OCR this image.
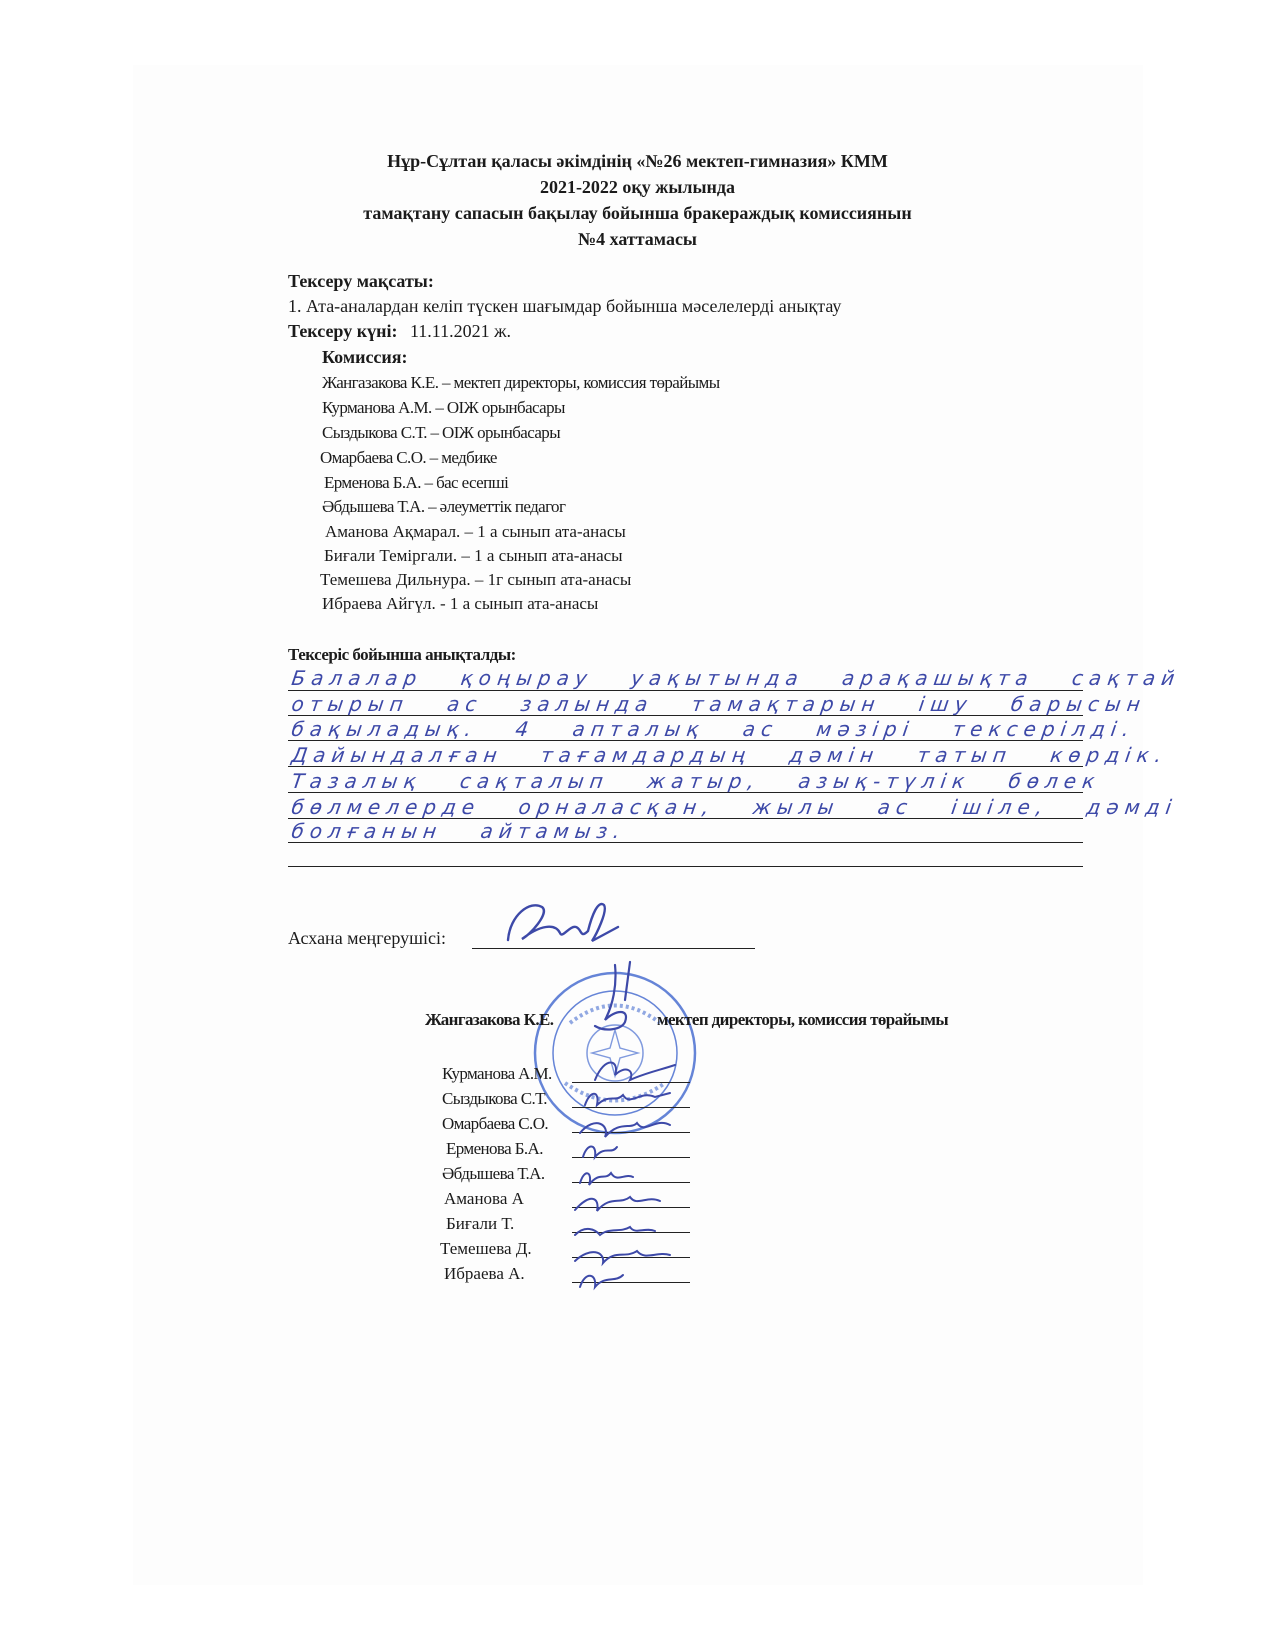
Нұр-Сұлтан қаласы әкімдінің «№26 мектеп-гимназия» КММ
2021-2022 оқу жылында
тамақтану сапасын бақылау бойынша бракераждық комиссиянын
№4 хаттамасы
Тексеру мақсаты:
1. Ата-аналардан келіп түскен шағымдар бойынша мәселелерді анықтау
Тексеру күні: 11.11.2021 ж.
Комиссия:
Жангазакова К.Е. – мектеп директоры, комиссия төрайымы
Курманова А.М. – ОІЖ орынбасары
Сыздыкова С.Т. – ОІЖ орынбасары
Омарбаева С.О. – медбике
Ерменова Б.А. – бас есепші
Әбдышева Т.А. – әлеуметтік педагог
Аманова Ақмарал. – 1 а сынып ата-анасы
Биғали Теміргали. – 1 а сынып ата-анасы
Темешева Дильнура. – 1г сынып ата-анасы
Ибраева Айгүл. - 1 а сынып ата-анасы
Тексеріс бойынша анықталды:
Балалар қоңырау уақытында арақашықта сақтай
отырып ас залында тамақтарын ішу барысын
бақыладық. 4 апталық ас мәзірі тексерілді.
Дайындалған тағамдардың дәмін татып көрдік.
Тазалық сақталып жатыр, азық-түлік бөлек
бөлмелерде орналасқан, жылы ас ішіле, дәмді
болғанын айтамыз.
Асхана меңгерушісі:
Жангазакова К.Е.	мектеп директоры, комиссия төрайымы
Курманова А.М.
Сыздыкова С.Т.
Омарбаева С.О.
Ерменова Б.А.
Әбдышева Т.А.
Аманова А
Биғали Т.
Темешева Д.
Ибраева А.
